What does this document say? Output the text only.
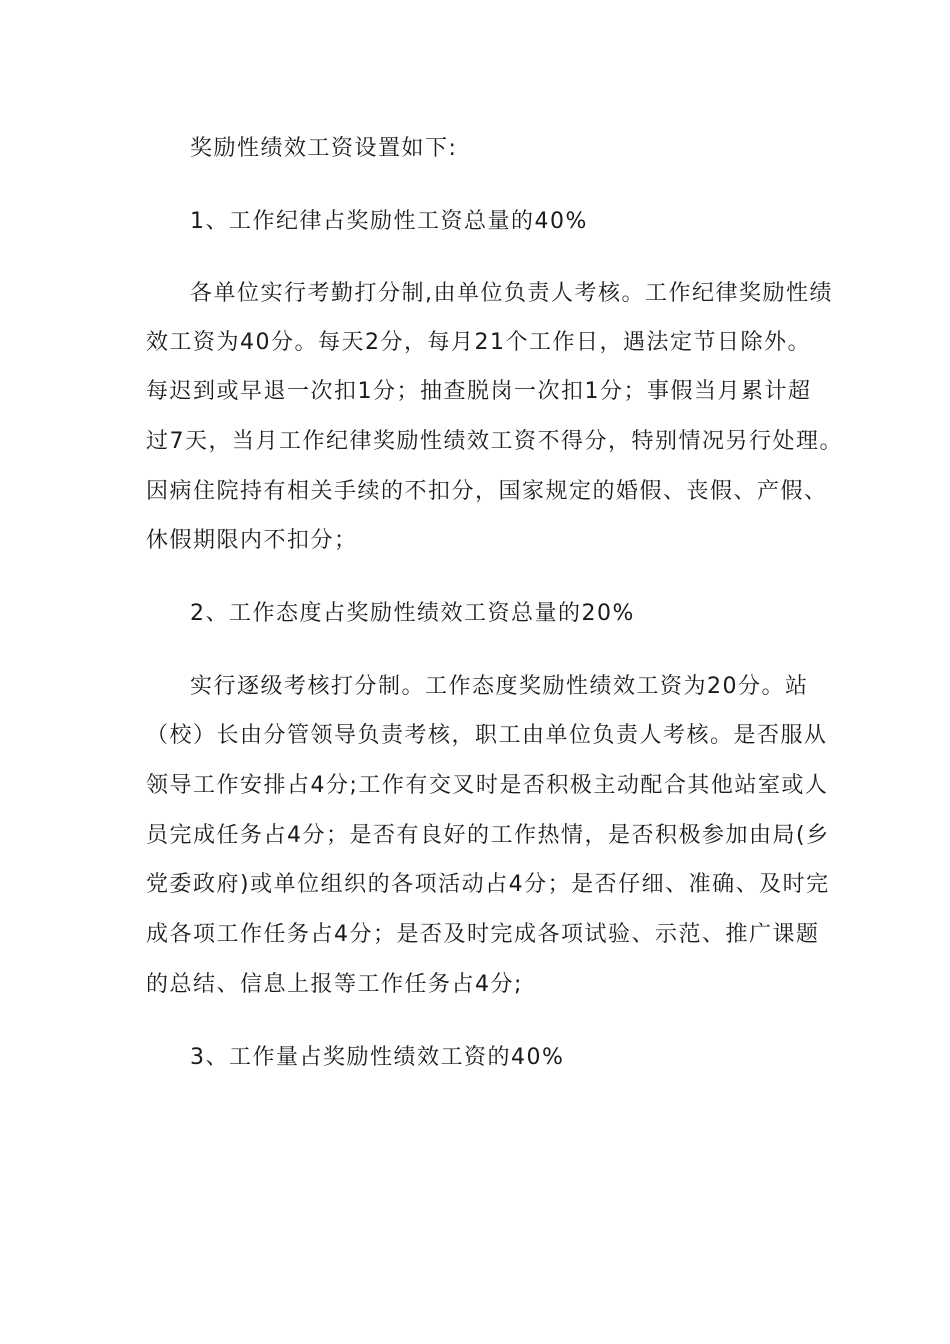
奖励性绩效工资设置如下:
1、工作纪律占奖励性工资总量的40%
各单位实行考勤打分制,由单位负责人考核。工作纪律奖励性绩
效工资为40分。每天2分，每月21个工作日，遇法定节日除外。
每迟到或早退一次扣1分；抽查脱岗一次扣1分；事假当月累计超
过7天，当月工作纪律奖励性绩效工资不得分，特别情况另行处理。
因病住院持有相关手续的不扣分，国家规定的婚假、丧假、产假、
休假期限内不扣分；
2、工作态度占奖励性绩效工资总量的20%
实行逐级考核打分制。工作态度奖励性绩效工资为20分。站
（校）长由分管领导负责考核，职工由单位负责人考核。是否服从
领导工作安排占4分;工作有交叉时是否积极主动配合其他站室或人
员完成任务占4分；是否有良好的工作热情，是否积极参加由局(乡
党委政府)或单位组织的各项活动占4分；是否仔细、准确、及时完
成各项工作任务占4分；是否及时完成各项试验、示范、推广课题
的总结、信息上报等工作任务占4分;
3、工作量占奖励性绩效工资的40%
